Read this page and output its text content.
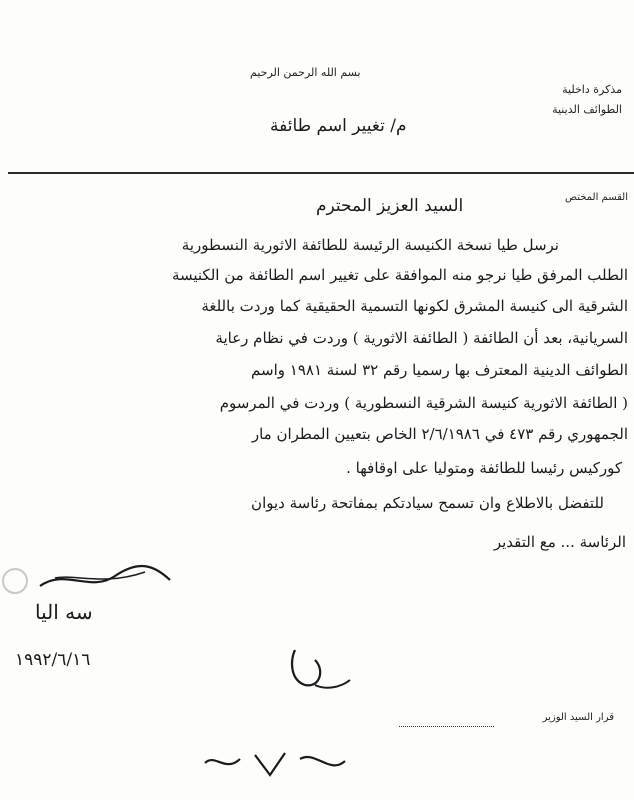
بسم الله الرحمن الرحيم
مذكرة داخلية
الطوائف الدينية
م/ تغيير اسم طائفة
القسم المختص
السيد العزيز المحترم
نرسل طيا نسخة الكنيسة الرئيسة للطائفة الاثورية النسطورية
الطلب المرفق طيا نرجو منه الموافقة على تغيير اسم الطائفة من الكنيسة
الشرقية الى كنيسة المشرق لكونها التسمية الحقيقية كما وردت باللغة
السريانية، بعد أن الطائفة ( الطائفة الاثورية ) وردت في نظام رعاية
الطوائف الدينية المعترف بها رسميا رقم ٣٢ لسنة ١٩٨١ واسم
( الطائفة الاثورية كنيسة الشرقية النسطورية ) وردت في المرسوم
الجمهوري رقم ٤٧٣ في ٢/٦/١٩٨٦ الخاص بتعيين المطران مار
كوركيس رئيسا للطائفة ومتوليا على اوقافها .
للتفضل بالاطلاع وان تسمح سيادتكم بمفاتحة رئاسة ديوان
الرئاسة ... مع التقدير
سه اليا
١٩٩٢/٦/١٦
قرار السيد الوزير
